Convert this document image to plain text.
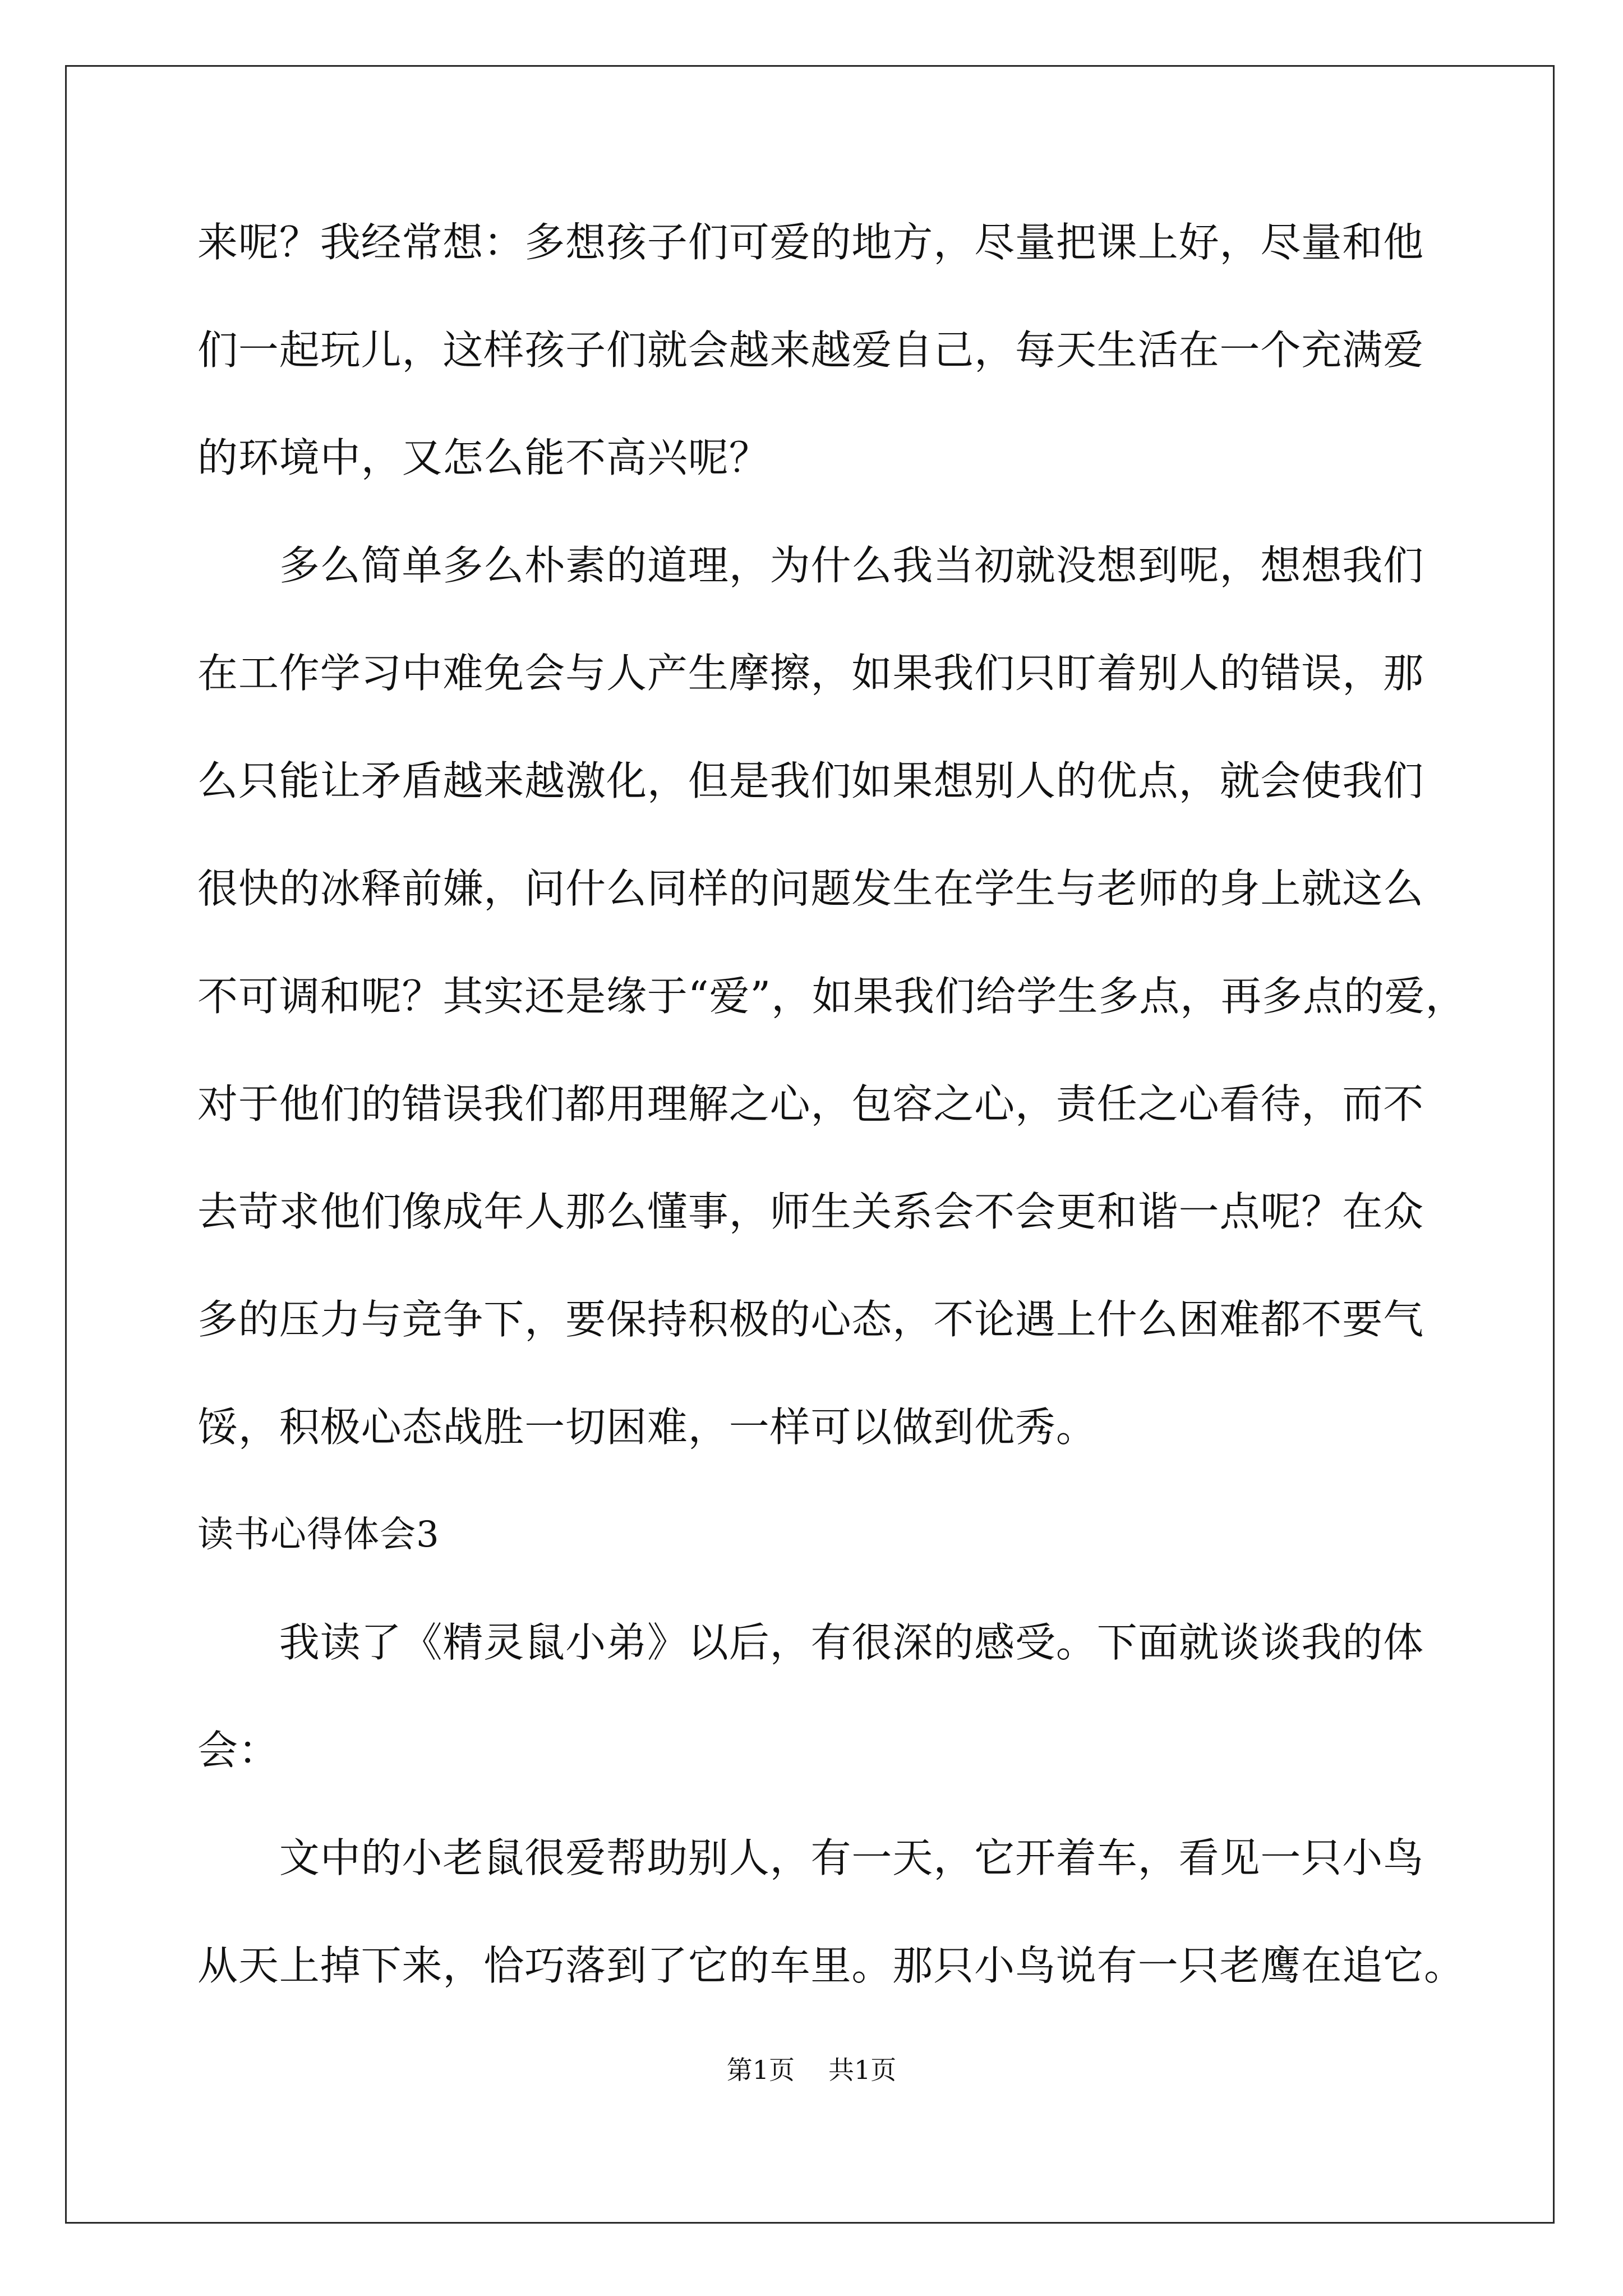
来呢？我经常想：多想孩子们可爱的地方，尽量把课上好，尽量和他
们一起玩儿，这样孩子们就会越来越爱自己，每天生活在一个充满爱
的环境中，又怎么能不高兴呢？
　　多么简单多么朴素的道理，为什么我当初就没想到呢，想想我们
在工作学习中难免会与人产生摩擦，如果我们只盯着别人的错误，那
么只能让矛盾越来越激化，但是我们如果想别人的优点，就会使我们
很快的冰释前嫌，问什么同样的问题发生在学生与老师的身上就这么
不可调和呢？其实还是缘于“爱”，如果我们给学生多点，再多点的爱，
对于他们的错误我们都用理解之心，包容之心，责任之心看待，而不
去苛求他们像成年人那么懂事，师生关系会不会更和谐一点呢？在众
多的压力与竞争下，要保持积极的心态，不论遇上什么困难都不要气
馁，积极心态战胜一切困难，一样可以做到优秀。
读书心得体会3
　　我读了《精灵鼠小弟》以后，有很深的感受。下面就谈谈我的体
会：
　　文中的小老鼠很爱帮助别人，有一天，它开着车，看见一只小鸟
从天上掉下来，恰巧落到了它的车里。那只小鸟说有一只老鹰在追它。
第1页 共1页
